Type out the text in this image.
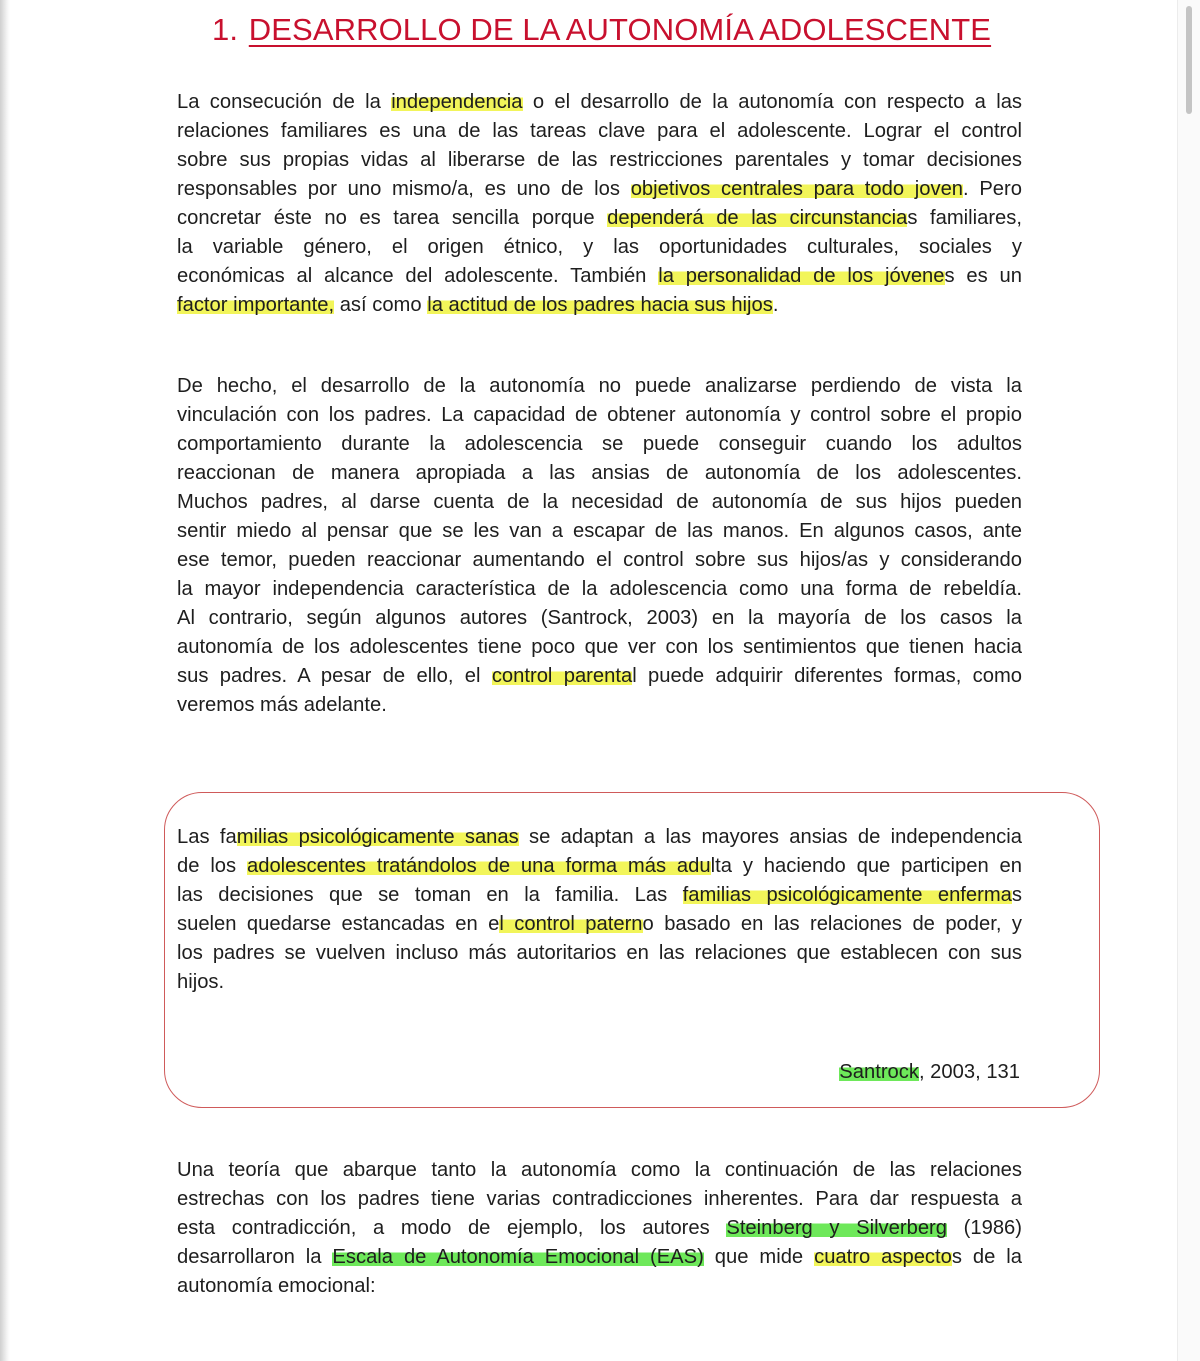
1. DESARROLLO DE LA AUTONOMÍA ADOLESCENTE

La consecución de la independencia o el desarrollo de la autonomía con respecto a las
relaciones familiares es una de las tareas clave para el adolescente. Lograr el control
sobre sus propias vidas al liberarse de las restricciones parentales y tomar decisiones
responsables por uno mismo/a, es uno de los objetivos centrales para todo joven. Pero
concretar éste no es tarea sencilla porque dependerá de las circunstancias familiares,
la variable género, el origen étnico, y las oportunidades culturales, sociales y
económicas al alcance del adolescente. También la personalidad de los jóvenes es un
factor importante, así como la actitud de los padres hacia sus hijos.

De hecho, el desarrollo de la autonomía no puede analizarse perdiendo de vista la
vinculación con los padres. La capacidad de obtener autonomía y control sobre el propio
comportamiento durante la adolescencia se puede conseguir cuando los adultos
reaccionan de manera apropiada a las ansias de autonomía de los adolescentes.
Muchos padres, al darse cuenta de la necesidad de autonomía de sus hijos pueden
sentir miedo al pensar que se les van a escapar de las manos. En algunos casos, ante
ese temor, pueden reaccionar aumentando el control sobre sus hijos/as y considerando
la mayor independencia característica de la adolescencia como una forma de rebeldía.
Al contrario, según algunos autores (Santrock, 2003) en la mayoría de los casos la
autonomía de los adolescentes tiene poco que ver con los sentimientos que tienen hacia
sus padres. A pesar de ello, el control parental puede adquirir diferentes formas, como
veremos más adelante.

Las familias psicológicamente sanas se adaptan a las mayores ansias de independencia
de los adolescentes tratándolos de una forma más adulta y haciendo que participen en
las decisiones que se toman en la familia. Las familias psicológicamente enfermas
suelen quedarse estancadas en el control paterno basado en las relaciones de poder, y
los padres se vuelven incluso más autoritarios en las relaciones que establecen con sus
hijos.

Santrock, 2003, 131

Una teoría que abarque tanto la autonomía como la continuación de las relaciones
estrechas con los padres tiene varias contradicciones inherentes. Para dar respuesta a
esta contradicción, a modo de ejemplo, los autores Steinberg y Silverberg (1986)
desarrollaron la Escala de Autonomía Emocional (EAS) que mide cuatro aspectos de la
autonomía emocional:
